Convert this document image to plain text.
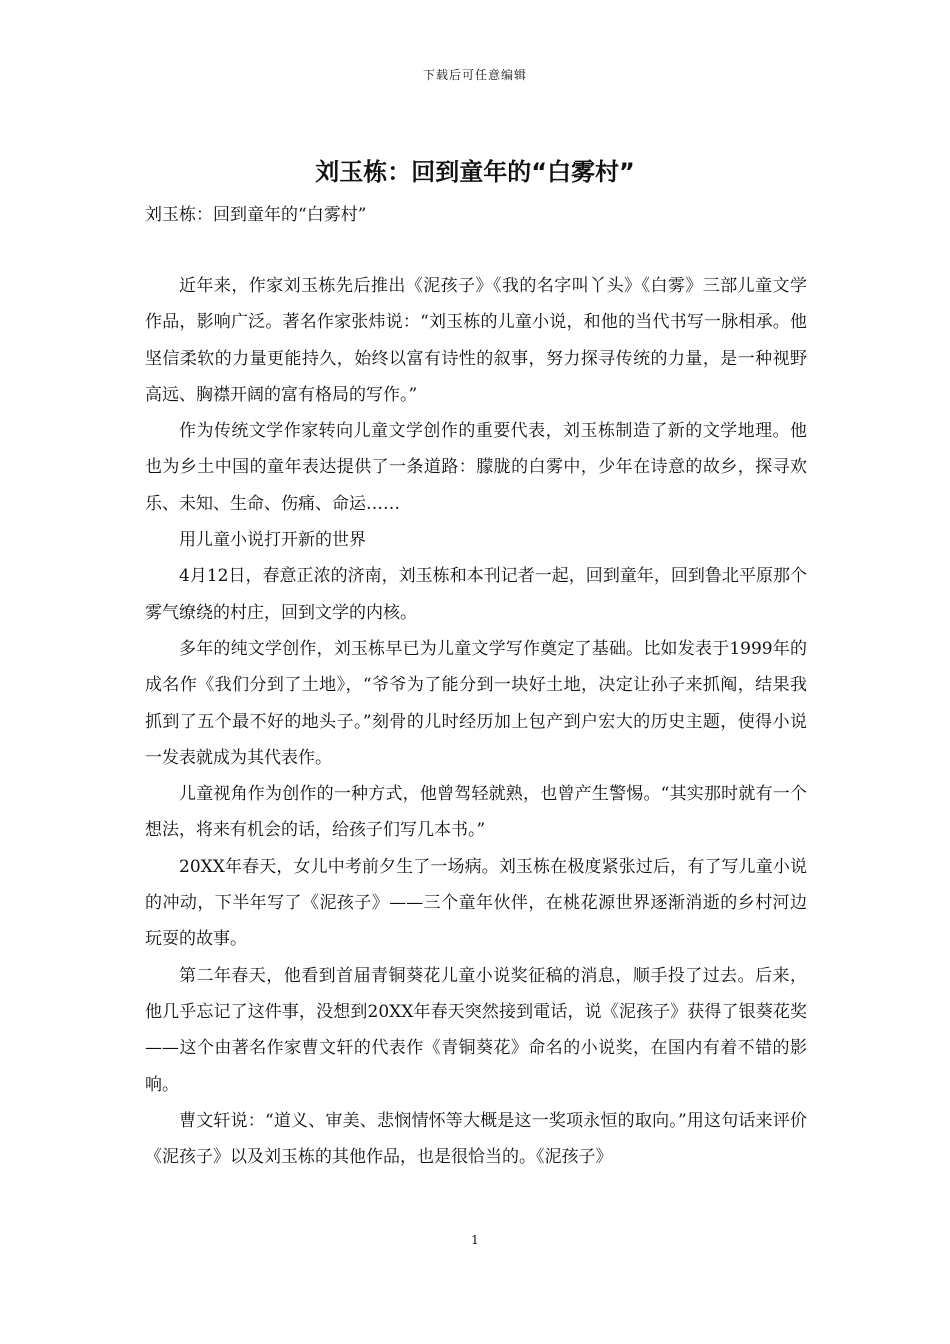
下载后可任意编辑
刘玉栋：回到童年的“白雾村”

刘玉栋：回到童年的“白雾村”

近年来，作家刘玉栋先后推出《泥孩子》《我的名字叫丫头》《白雾》三部儿童文学作品，影响广泛。著名作家张炜说：“刘玉栋的儿童小说，和他的当代书写一脉相承。他坚信柔软的力量更能持久，始终以富有诗性的叙事，努力探寻传统的力量，是一种视野高远、胸襟开阔的富有格局的写作。”

作为传统文学作家转向儿童文学创作的重要代表，刘玉栋制造了新的文学地理。他也为乡土中国的童年表达提供了一条道路：朦胧的白雾中，少年在诗意的故乡，探寻欢乐、未知、生命、伤痛、命运……

用儿童小说打开新的世界

4月12日，春意正浓的济南，刘玉栋和本刊记者一起，回到童年，回到鲁北平原那个雾气缭绕的村庄，回到文学的内核。

多年的纯文学创作，刘玉栋早已为儿童文学写作奠定了基础。比如发表于1999年的成名作《我们分到了土地》，“爷爷为了能分到一块好土地，决定让孙子来抓阄，结果我抓到了五个最不好的地头子。”刻骨的儿时经历加上包产到户宏大的历史主题，使得小说一发表就成为其代表作。

儿童视角作为创作的一种方式，他曾驾轻就熟，也曾产生警惕。“其实那时就有一个想法，将来有机会的话，给孩子们写几本书。”

20XX年春天，女儿中考前夕生了一场病。刘玉栋在极度紧张过后，有了写儿童小说的冲动，下半年写了《泥孩子》——三个童年伙伴，在桃花源世界逐渐消逝的乡村河边玩耍的故事。

第二年春天，他看到首届青铜葵花儿童小说奖征稿的消息，顺手投了过去。后来，他几乎忘记了这件事，没想到20XX年春天突然接到電话，说《泥孩子》获得了银葵花奖——这个由著名作家曹文轩的代表作《青铜葵花》命名的小说奖，在国内有着不错的影响。

曹文轩说：“道义、审美、悲悯情怀等大概是这一奖项永恒的取向。”用这句话来评价《泥孩子》以及刘玉栋的其他作品，也是很恰当的。《泥孩子》

1
